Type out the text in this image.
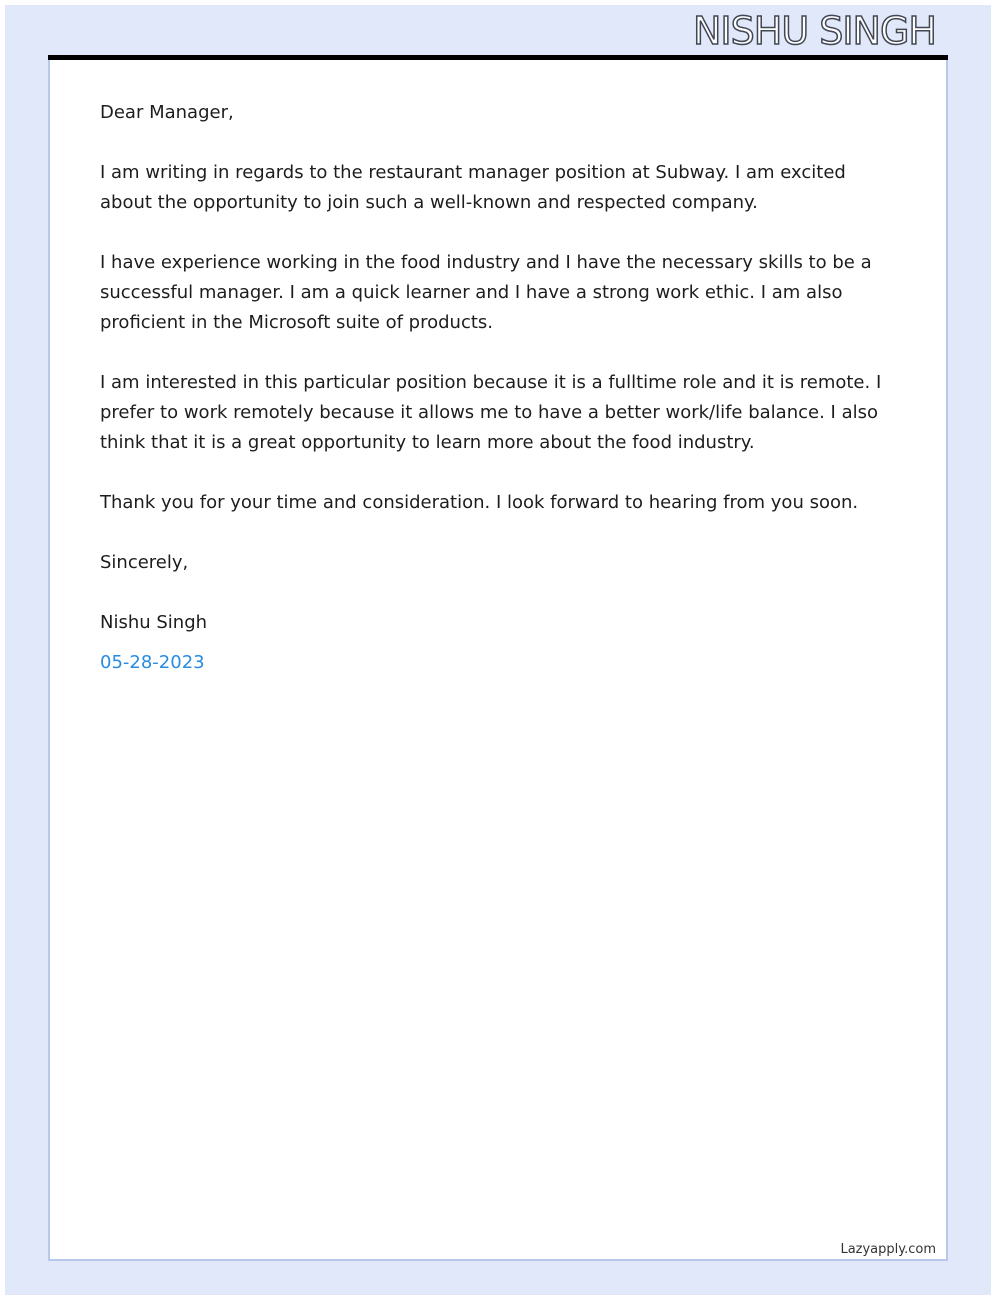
NISHU SINGH

Dear Manager,

I am writing in regards to the restaurant manager position at Subway. I am excited about the opportunity to join such a well-known and respected company.

I have experience working in the food industry and I have the necessary skills to be a successful manager. I am a quick learner and I have a strong work ethic. I am also proficient in the Microsoft suite of products.

I am interested in this particular position because it is a fulltime role and it is remote. I prefer to work remotely because it allows me to have a better work/life balance. I also think that it is a great opportunity to learn more about the food industry.

Thank you for your time and consideration. I look forward to hearing from you soon.

Sincerely,

Nishu Singh

05-28-2023

Lazyapply.com
